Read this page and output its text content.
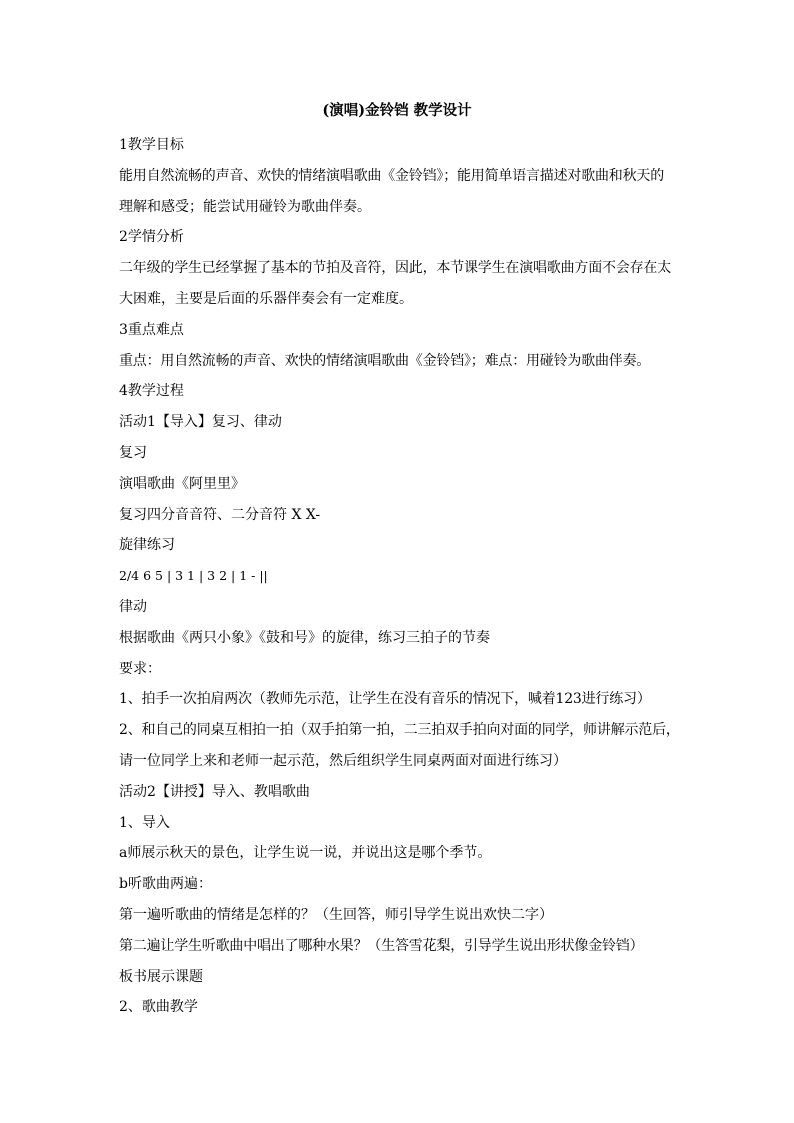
(演唱)金铃铛 教学设计
1教学目标
能用自然流畅的声音、欢快的情绪演唱歌曲《金铃铛》；能用简单语言描述对歌曲和秋天的
理解和感受；能尝试用碰铃为歌曲伴奏。
2学情分析
二年级的学生已经掌握了基本的节拍及音符，因此，本节课学生在演唱歌曲方面不会存在太
大困难，主要是后面的乐器伴奏会有一定难度。
3重点难点
重点：用自然流畅的声音、欢快的情绪演唱歌曲《金铃铛》；难点：用碰铃为歌曲伴奏。
4教学过程
活动1【导入】复习、律动
复习
演唱歌曲《阿里里》
复习四分音音符、二分音符 X X-
旋律练习
2/4 6 5 | 3 1 | 3 2 | 1 - ||
律动
根据歌曲《两只小象》《鼓和号》的旋律，练习三拍子的节奏
要求：
1、拍手一次拍肩两次（教师先示范，让学生在没有音乐的情况下，喊着123进行练习）
2、和自己的同桌互相拍一拍（双手拍第一拍，二三拍双手拍向对面的同学，师讲解示范后，
请一位同学上来和老师一起示范，然后组织学生同桌两面对面进行练习）
活动2【讲授】导入、教唱歌曲
1、导入
a师展示秋天的景色，让学生说一说，并说出这是哪个季节。
b听歌曲两遍：
第一遍听歌曲的情绪是怎样的？（生回答，师引导学生说出欢快二字）
第二遍让学生听歌曲中唱出了哪种水果？（生答雪花梨，引导学生说出形状像金铃铛）
板书展示课题
2、歌曲教学
